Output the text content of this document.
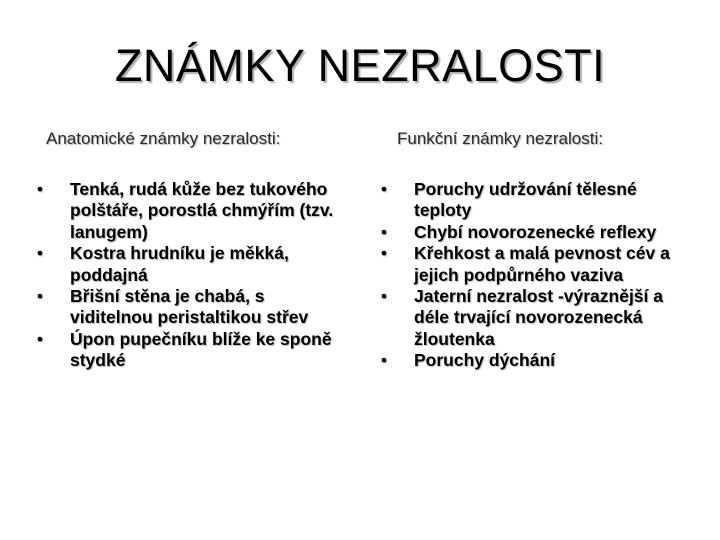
ZNÁMKY NEZRALOSTI
Anatomické známky nezralosti:	Funkční známky nezralosti:
•	Tenká, rudá kůže bez tukového polštáře, porostlá chmýřím (tzv. lanugem)
•	Kostra hrudníku je měkká, poddajná
•	Břišní stěna je chabá, s viditelnou peristaltikou střev
•	Úpon pupečníku blíže ke sponě stydké
•	Poruchy udržování tělesné teploty
•	Chybí novorozenecké reflexy
•	Křehkost a malá pevnost cév a jejich podpůrného vaziva
•	Jaterní nezralost -výraznější a déle trvající novorozenecká žloutenka
•	Poruchy dýchání
